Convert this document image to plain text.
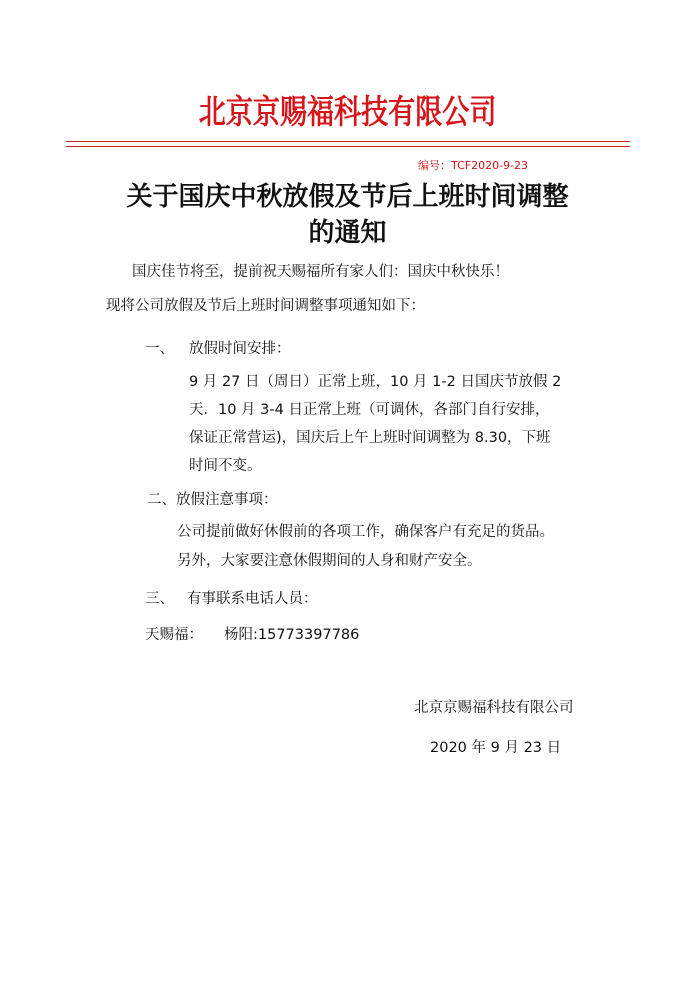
北京京赐福科技有限公司
编号：TCF2020-9-23
关于国庆中秋放假及节后上班时间调整
的通知
国庆佳节将至，提前祝天赐福所有家人们：国庆中秋快乐！
现将公司放假及节后上班时间调整事项通知如下：
一、 放假时间安排：
9 月 27 日（周日）正常上班，10 月 1-2 日国庆节放假 2
天．10 月 3-4 日正常上班（可调休，各部门自行安排，
保证正常营运)，国庆后上午上班时间调整为 8.30，下班
时间不变。
二、放假注意事项：
公司提前做好休假前的各项工作，确保客户有充足的货品。
另外，大家要注意休假期间的人身和财产安全。
三、 有事联系电话人员：
天赐福： 杨阳:15773397786
北京京赐福科技有限公司
2020 年 9 月 23 日
